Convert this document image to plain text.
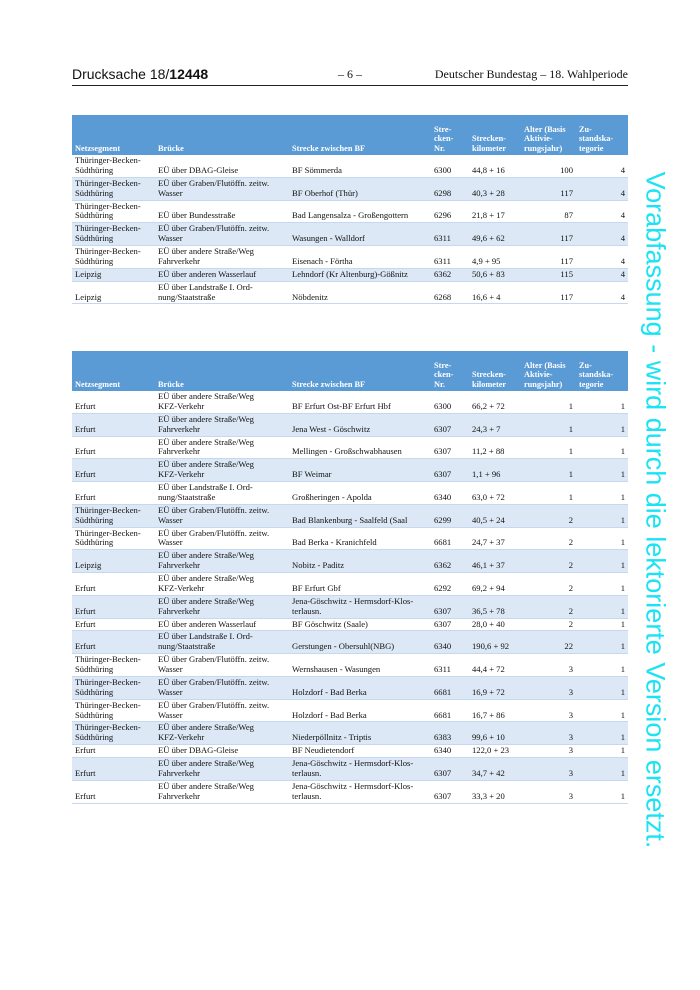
Drucksache 18/12448	– 6 –	Deutscher Bundestag – 18. Wahlperiode
Netzsegment	Brücke	Strecke zwischen BF	Stre-
cken-
Nr.	Strecken-
kilometer	Alter (Basis
Aktivie-
rungsjahr)	Zu-
standska-
tegorie
Thüringer-Becken-
Südthüring	EÜ über DBAG-Gleise	BF Sömmerda	6300	44,8 + 16	100	4
Thüringer-Becken-
Südthüring	EÜ über Graben/Flutöffn. zeitw.
Wasser	BF Oberhof (Thür)	6298	40,3 + 28	117	4
Thüringer-Becken-
Südthüring	EÜ über Bundesstraße	Bad Langensalza - Großengottern	6296	21,8 + 17	87	4
Thüringer-Becken-
Südthüring	EÜ über Graben/Flutöffn. zeitw.
Wasser	Wasungen - Walldorf	6311	49,6 + 62	117	4
Thüringer-Becken-
Südthüring	EÜ über andere Straße/Weg
Fahrverkehr	Eisenach - Förtha	6311	4,9 + 95	117	4
Leipzig	EÜ über anderen Wasserlauf	Lehndorf (Kr Altenburg)-Gößnitz	6362	50,6 + 83	115	4
Leipzig	EÜ über Landstraße I. Ord-
nung/Staatstraße	Nöbdenitz	6268	16,6 + 4	117	4
Netzsegment	Brücke	Strecke zwischen BF	Stre-
cken-
Nr.	Strecken-
kilometer	Alter (Basis
Aktivie-
rungsjahr)	Zu-
standska-
tegorie
Erfurt	EÜ über andere Straße/Weg
KFZ-Verkehr	BF Erfurt Ost-BF Erfurt Hbf	6300	66,2 + 72	1	1
Erfurt	EÜ über andere Straße/Weg
Fahrverkehr	Jena West - Göschwitz	6307	24,3 + 7	1	1
Erfurt	EÜ über andere Straße/Weg
Fahrverkehr	Mellingen - Großschwabhausen	6307	11,2 + 88	1	1
Erfurt	EÜ über andere Straße/Weg
KFZ-Verkehr	BF Weimar	6307	1,1 + 96	1	1
Erfurt	EÜ über Landstraße I. Ord-
nung/Staatstraße	Großheringen - Apolda	6340	63,0 + 72	1	1
Thüringer-Becken-
Südthüring	EÜ über Graben/Flutöffn. zeitw.
Wasser	Bad Blankenburg - Saalfeld (Saal	6299	40,5 + 24	2	1
Thüringer-Becken-
Südthüring	EÜ über Graben/Flutöffn. zeitw.
Wasser	Bad Berka - Kranichfeld	6681	24,7 + 37	2	1
Leipzig	EÜ über andere Straße/Weg
Fahrverkehr	Nobitz - Paditz	6362	46,1 + 37	2	1
Erfurt	EÜ über andere Straße/Weg
KFZ-Verkehr	BF Erfurt Gbf	6292	69,2 + 94	2	1
Erfurt	EÜ über andere Straße/Weg
Fahrverkehr	Jena-Göschwitz - Hermsdorf-Klos-
terlausn.	6307	36,5 + 78	2	1
Erfurt	EÜ über anderen Wasserlauf	BF Göschwitz (Saale)	6307	28,0 + 40	2	1
Erfurt	EÜ über Landstraße I. Ord-
nung/Staatstraße	Gerstungen - Obersuhl(NBG)	6340	190,6 + 92	22	1
Thüringer-Becken-
Südthüring	EÜ über Graben/Flutöffn. zeitw.
Wasser	Wernshausen - Wasungen	6311	44,4 + 72	3	1
Thüringer-Becken-
Südthüring	EÜ über Graben/Flutöffn. zeitw.
Wasser	Holzdorf - Bad Berka	6681	16,9 + 72	3	1
Thüringer-Becken-
Südthüring	EÜ über Graben/Flutöffn. zeitw.
Wasser	Holzdorf - Bad Berka	6681	16,7 + 86	3	1
Thüringer-Becken-
Südthüring	EÜ über andere Straße/Weg
KFZ-Verkehr	Niederpöllnitz - Triptis	6383	99,6 + 10	3	1
Erfurt	EÜ über DBAG-Gleise	BF Neudietendorf	6340	122,0 + 23	3	1
Erfurt	EÜ über andere Straße/Weg
Fahrverkehr	Jena-Göschwitz - Hermsdorf-Klos-
terlausn.	6307	34,7 + 42	3	1
Erfurt	EÜ über andere Straße/Weg
Fahrverkehr	Jena-Göschwitz - Hermsdorf-Klos-
terlausn.	6307	33,3 + 20	3	1 Vorabfassung - wird durch die lektorierte Version ersetzt.
